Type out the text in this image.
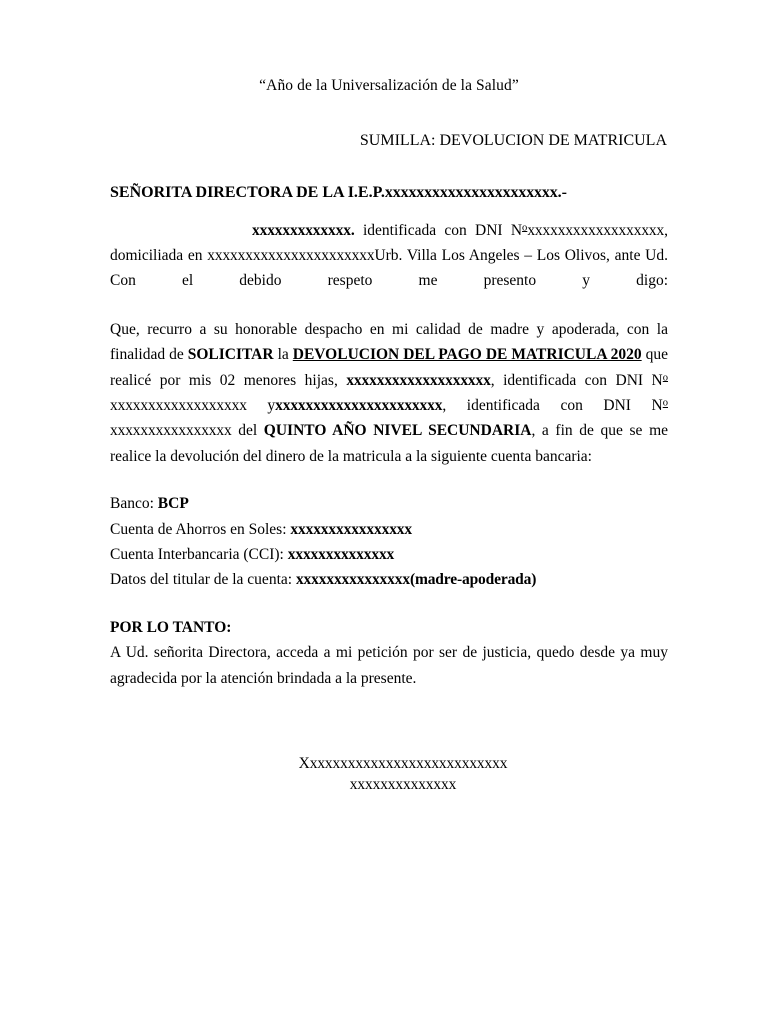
“Año de la Universalización de la Salud”
SUMILLA: DEVOLUCION DE MATRICULA
SEÑORITA DIRECTORA DE LA I.E.P.xxxxxxxxxxxxxxxxxxxxxx.-

xxxxxxxxxxxxx. identificada con DNI $N^oxxxxxxxxxxxxxxxxxx$, domiciliada en xxxxxxxxxxxxxxxxxxxxxxUrb. Villa Los Angeles – Los Olivos, ante Ud. Con el debido respeto me presento y digo:

Que, recurro a su honorable despacho en mi calidad de madre y apoderada, con la finalidad de SOLICITAR la DEVOLUCION DEL PAGO DE MATRICULA 2020 que realicé por mis 02 menores hijas, xxxxxxxxxxxxxxxxxxx, identificada con DNI $N^o$ xxxxxxxxxxxxxxxxxx yxxxxxxxxxxxxxxxxxxxxxx, identificada con DNI $N^o$ xxxxxxxxxxxxxxxx del QUINTO AÑO NIVEL SECUNDARIA, a fin de que se me realice la devolución del dinero de la matricula a la siguiente cuenta bancaria:

Banco: BCP
Cuenta de Ahorros en Soles: xxxxxxxxxxxxxxxx
Cuenta Interbancaria (CCI): xxxxxxxxxxxxxx
Datos del titular de la cuenta: xxxxxxxxxxxxxxx(madre-apoderada)
POR LO TANTO:

A Ud. señorita Directora, acceda a mi petición por ser de justicia, quedo desde ya muy agradecida por la atención brindada a la presente.

Xxxxxxxxxxxxxxxxxxxxxxxxxxx
xxxxxxxxxxxxxx
